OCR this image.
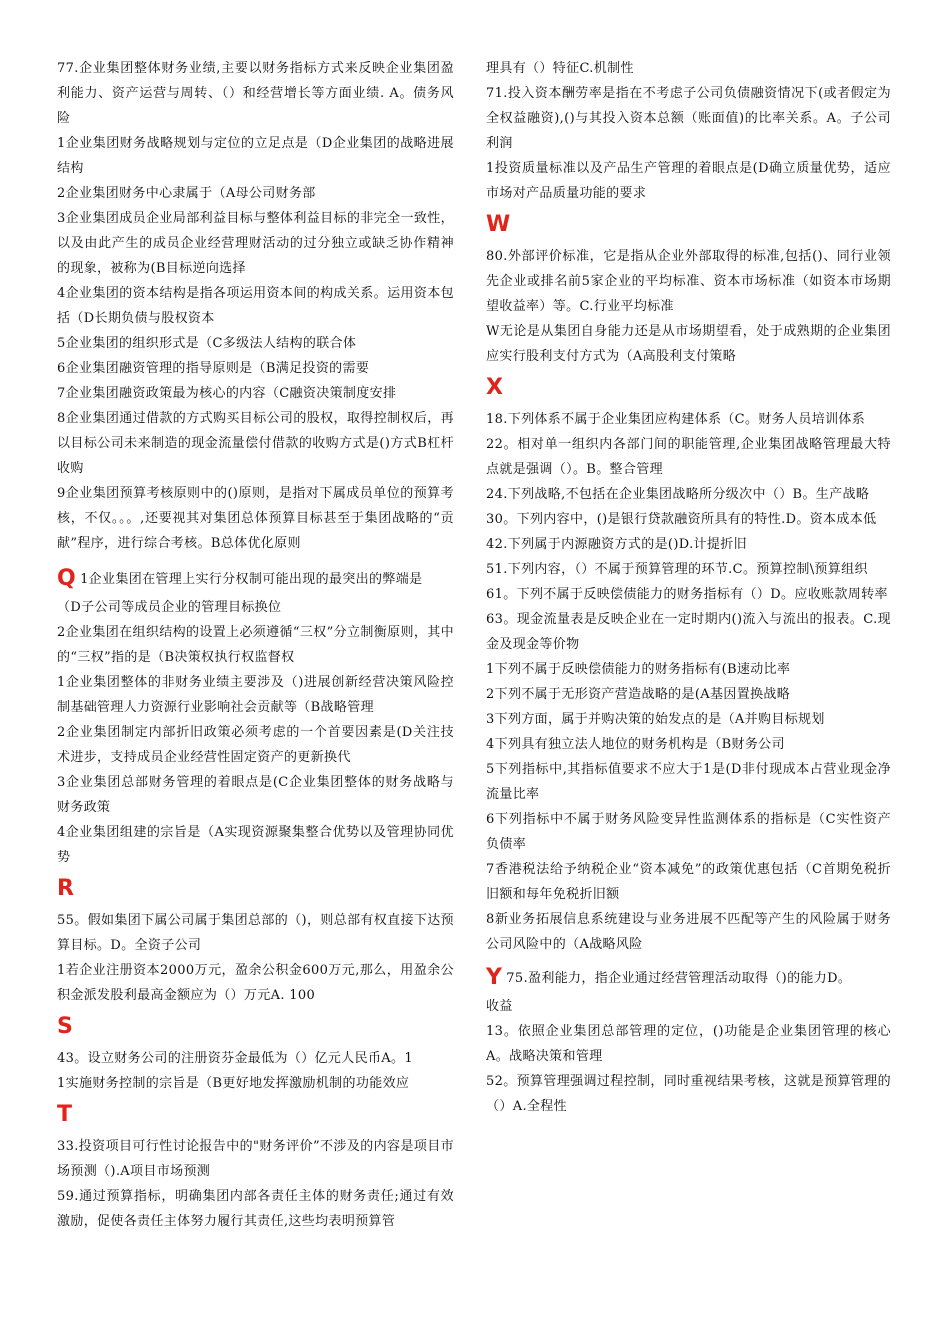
77.企业集团整体财务业绩,主要以财务指标方式来反映企业集团盈利能力、资产运营与周转、（）和经营增长等方面业绩. A。债务风险

1企业集团财务战略规划与定位的立足点是（D企业集团的战略进展结构

2企业集团财务中心隶属于（A母公司财务部

3企业集团成员企业局部利益目标与整体利益目标的非完全一致性，以及由此产生的成员企业经营理财活动的过分独立或缺乏协作精神的现象，被称为(B目标逆向选择

4企业集团的资本结构是指各项运用资本间的构成关系。运用资本包括（D长期负债与股权资本

5企业集团的组织形式是（C多级法人结构的联合体

6企业集团融资管理的指导原则是（B满足投资的需要

7企业集团融资政策最为核心的内容（C融资决策制度安排

8企业集团通过借款的方式购买目标公司的股权，取得控制权后，再以目标公司未来制造的现金流量偿付借款的收购方式是()方式B杠杆收购

9企业集团预算考核原则中的()原则，是指对下属成员单位的预算考核，不仅。。。,还要视其对集团总体预算目标甚至于集团战略的“贡献”程序，进行综合考核。B总体优化原则

Q 1企业集团在管理上实行分权制可能出现的最突出的弊端是

（D子公司等成员企业的管理目标换位

2企业集团在组织结构的设置上必须遵循“三权”分立制衡原则，其中的“三权”指的是（B决策权执行权监督权

1企业集团整体的非财务业绩主要涉及（)进展创新经营决策风险控制基础管理人力资源行业影响社会贡献等（B战略管理

2企业集团制定内部折旧政策必须考虑的一个首要因素是(D关注技术进步，支持成员企业经营性固定资产的更新换代

3企业集团总部财务管理的着眼点是(C企业集团整体的财务战略与财务政策

4企业集团组建的宗旨是（A实现资源聚集整合优势以及管理协同优势

R

55。假如集团下属公司属于集团总部的（)，则总部有权直接下达预算目标。D。全资子公司

1若企业注册资本2000万元，盈余公积金600万元,那么，用盈余公积金派发股利最高金额应为（）万元A. 100

S

43。设立财务公司的注册资芬金最低为（）亿元人民币A。1

1实施财务控制的宗旨是（B更好地发挥激励机制的功能效应

T

33.投资项目可行性讨论报告中的"财务评价”不涉及的内容是项目市场预测（).A项目市场预测

59.通过预算指标，明确集团内部各责任主体的财务责任;通过有效激励，促使各责任主体努力履行其责任,这些均表明预算管

理具有（）特征C.机制性

71.投入资本酬劳率是指在不考虑子公司负债融资情况下(或者假定为全权益融资),()与其投入资本总额（账面值)的比率关系。A。子公司利润

1投资质量标准以及产品生产管理的着眼点是(D确立质量优势，适应市场对产品质量功能的要求

W

80.外部评价标准，它是指从企业外部取得的标准,包括()、同行业领先企业或排名前5家企业的平均标准、资本市场标准（如资本市场期望收益率）等。C.行业平均标准

W无论是从集团自身能力还是从市场期望看，处于成熟期的企业集团应实行股利支付方式为（A高股利支付策略

X

18.下列体系不属于企业集团应构建体系（C。财务人员培训体系

22。相对单一组织内各部门间的职能管理,企业集团战略管理最大特点就是强调（）。B。整合管理

24.下列战略,不包括在企业集团战略所分级次中（）B。生产战略

30。下列内容中，()是银行贷款融资所具有的特性.D。资本成本低

42.下列属于内源融资方式的是()D.计提折旧

51.下列内容，（）不属于预算管理的环节.C。预算控制\预算组织

61。下列不属于反映偿债能力的财务指标有（）D。应收账款周转率

63。现金流量表是反映企业在一定时期内()流入与流出的报表。C.现金及现金等价物

1下列不属于反映偿债能力的财务指标有(B速动比率

2下列不属于无形资产营造战略的是(A基因置换战略

3下列方面，属于并购决策的始发点的是（A并购目标规划

4下列具有独立法人地位的财务机构是（B财务公司

5下列指标中,其指标值要求不应大于1是(D非付现成本占营业现金净流量比率

6下列指标中不属于财务风险变异性监测体系的指标是（C实性资产负债率

7香港税法给予纳税企业“资本减免”的政策优惠包括（C首期免税折旧额和每年免税折旧额

8新业务拓展信息系统建设与业务进展不匹配等产生的风险属于财务公司风险中的（A战略风险

Y 75.盈利能力，指企业通过经营管理活动取得（)的能力D。

收益

13。依照企业集团总部管理的定位，()功能是企业集团管理的核心A。战略决策和管理

52。预算管理强调过程控制，同时重视结果考核，这就是预算管理的（）A.全程性
